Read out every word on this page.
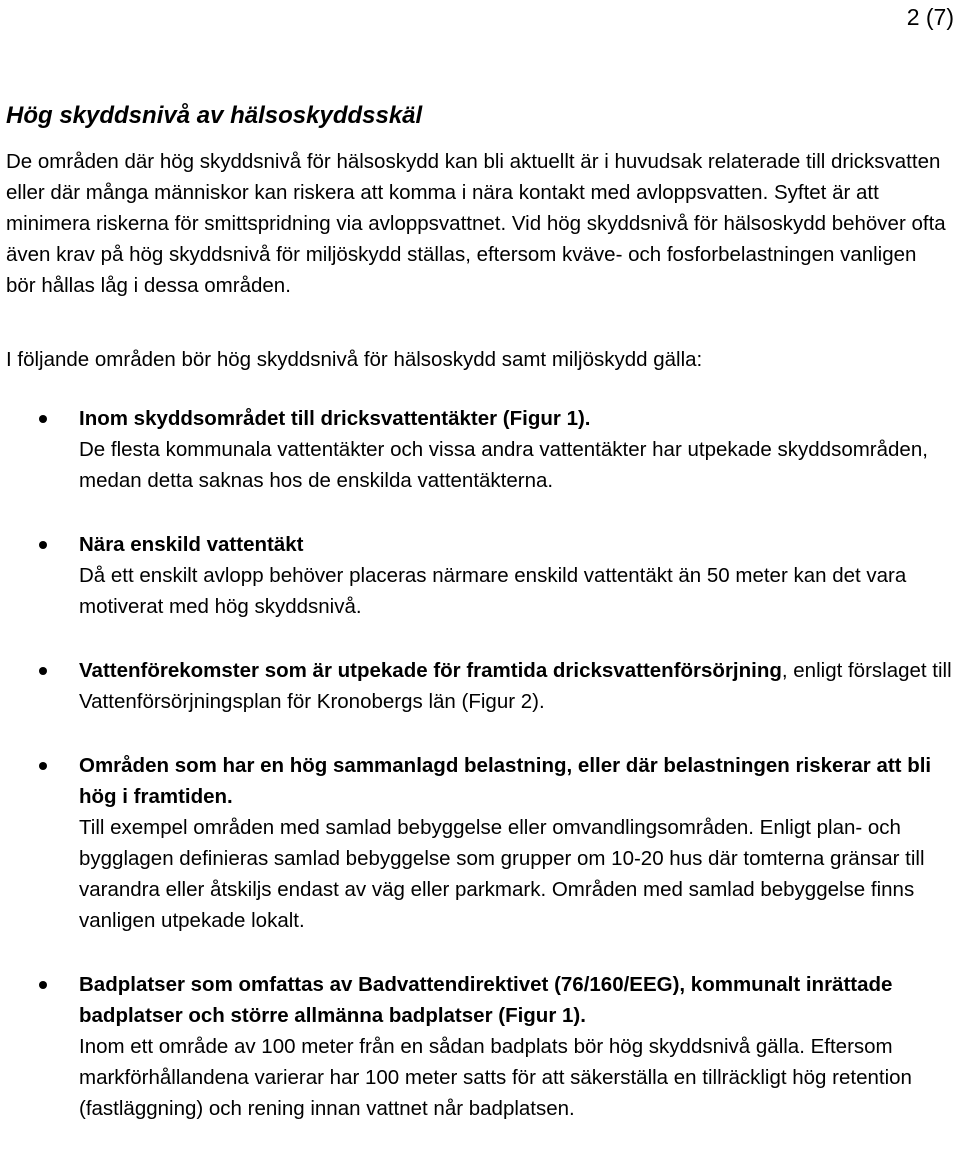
2 (7)
Hög skyddsnivå av hälsoskyddsskäl

De områden där hög skyddsnivå för hälsoskydd kan bli aktuellt är i huvudsak relaterade till dricksvatten eller där många människor kan riskera att komma i nära kontakt med avloppsvatten. Syftet är att minimera riskerna för smittspridning via avloppsvattnet. Vid hög skyddsnivå för hälsoskydd behöver ofta även krav på hög skyddsnivå för miljöskydd ställas, eftersom kväve- och fosforbelastningen vanligen bör hållas låg i dessa områden.

I följande områden bör hög skyddsnivå för hälsoskydd samt miljöskydd gälla:

Inom skyddsområdet till dricksvattentäkter (Figur 1).
De flesta kommunala vattentäkter och vissa andra vattentäkter har utpekade skyddsområden, medan detta saknas hos de enskilda vattentäkterna.
Nära enskild vattentäkt
Då ett enskilt avlopp behöver placeras närmare enskild vattentäkt än 50 meter kan det vara motiverat med hög skyddsnivå.
Vattenförekomster som är utpekade för framtida dricksvattenförsörjning, enligt förslaget till Vattenförsörjningsplan för Kronobergs län (Figur 2).
Områden som har en hög sammanlagd belastning, eller där belastningen riskerar att bli hög i framtiden.
Till exempel områden med samlad bebyggelse eller omvandlingsområden. Enligt plan- och bygglagen definieras samlad bebyggelse som grupper om 10-20 hus där tomterna gränsar till varandra eller åtskiljs endast av väg eller parkmark. Områden med samlad bebyggelse finns vanligen utpekade lokalt.
Badplatser som omfattas av Badvattendirektivet (76/160/EEG), kommunalt inrättade badplatser och större allmänna badplatser (Figur 1).
Inom ett område av 100 meter från en sådan badplats bör hög skyddsnivå gälla. Eftersom markförhållandena varierar har 100 meter satts för att säkerställa en tillräckligt hög retention (fastläggning) och rening innan vattnet når badplatsen.
